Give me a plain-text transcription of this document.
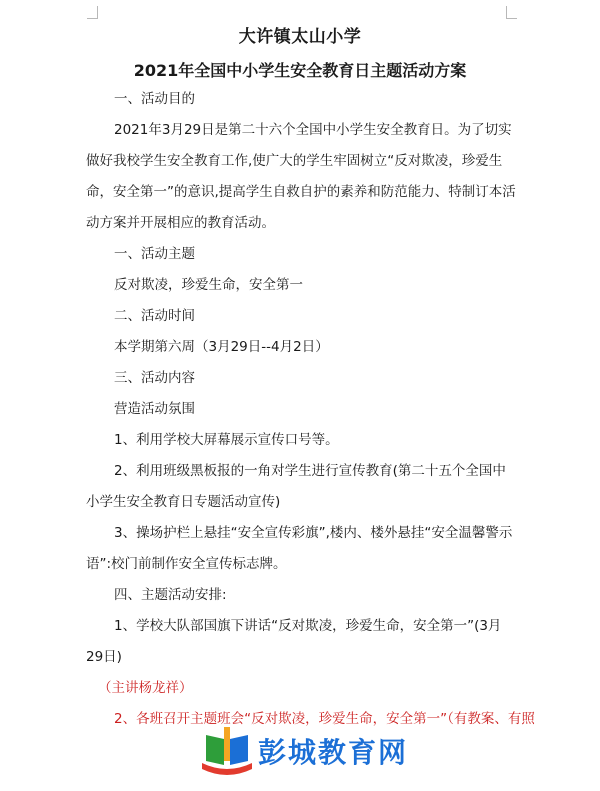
大许镇太山小学
2021年全国中小学生安全教育日主题活动方案

一、活动目的

2021年3月29日是第二十六个全国中小学生安全教育日。为了切实做好我校学生安全教育工作,使广大的学生牢固树立“反对欺凌，珍爱生命，安全第一”的意识,提高学生自救自护的素养和防范能力、特制订本活动方案并开展相应的教育活动。

一、活动主题

反对欺凌，珍爱生命，安全第一

二、活动时间

本学期第六周（3月29日--4月2日）

三、活动内容

营造活动氛围

1、利用学校大屏幕展示宣传口号等。

2、利用班级黑板报的一角对学生进行宣传教育(第二十五个全国中小学生安全教育日专题活动宣传)

3、操场护栏上悬挂“安全宣传彩旗”,楼内、楼外悬挂“安全温馨警示语”:校门前制作安全宣传标志牌。

四、主题活动安排:

1、学校大队部国旗下讲话“反对欺凌，珍爱生命，安全第一”(3月29日)

（主讲杨龙祥）

2、各班召开主题班会“反对欺凌，珍爱生命，安全第一”（有教案、有照

彭城教育网
